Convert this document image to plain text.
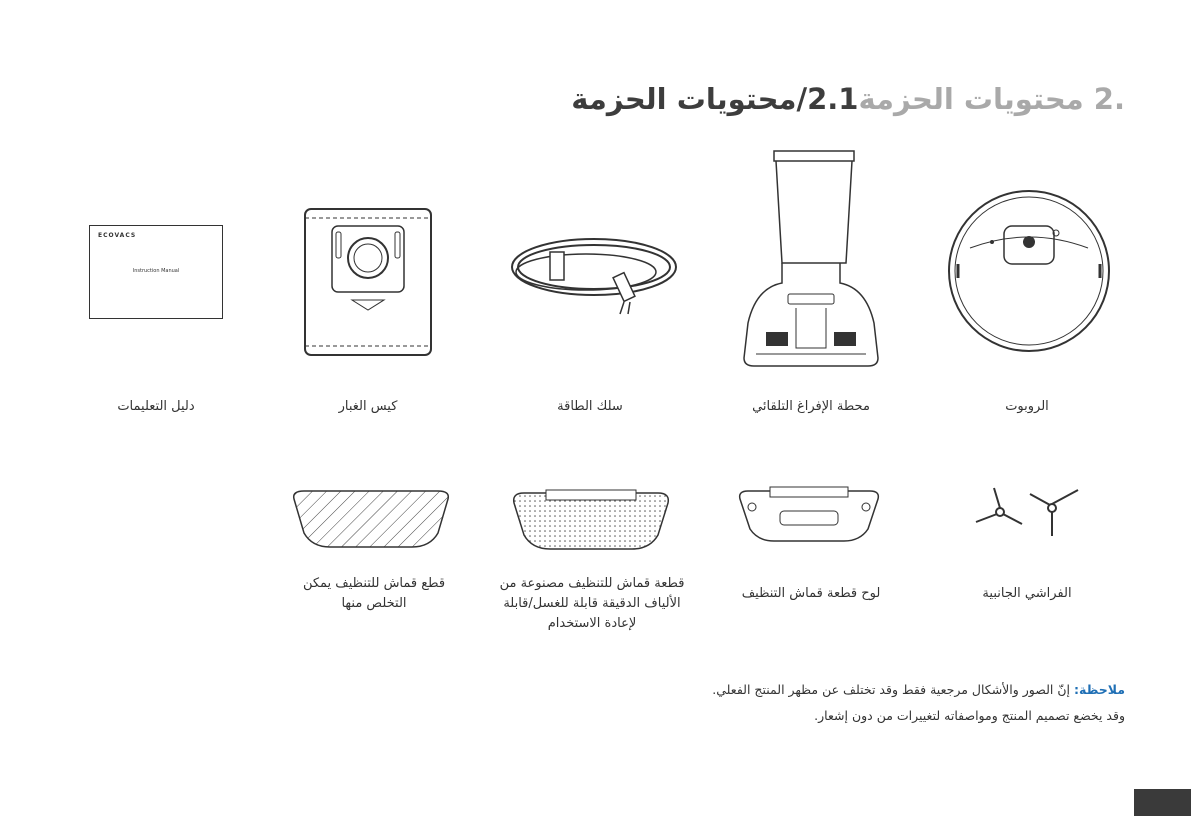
.2 محتويات الحزمة2.1/محتويات الحزمة
ECOVACS
Instruction Manual
الروبوت
محطة الإفراغ التلقائي
سلك الطاقة
كيس الغبار
دليل التعليمات
الفراشي الجانبية
لوح قطعة قماش التنظيف
قطعة قماش للتنظيف مصنوعة من الألياف الدقيقة قابلة للغسل/قابلة لإعادة الاستخدام
قطع قماش للتنظيف يمكن التخلص منها
ملاحظة: إنّ الصور والأشكال مرجعية فقط وقد تختلف عن مظهر المنتج الفعلي.
وقد يخضع تصميم المنتج ومواصفاته لتغييرات من دون إشعار.
